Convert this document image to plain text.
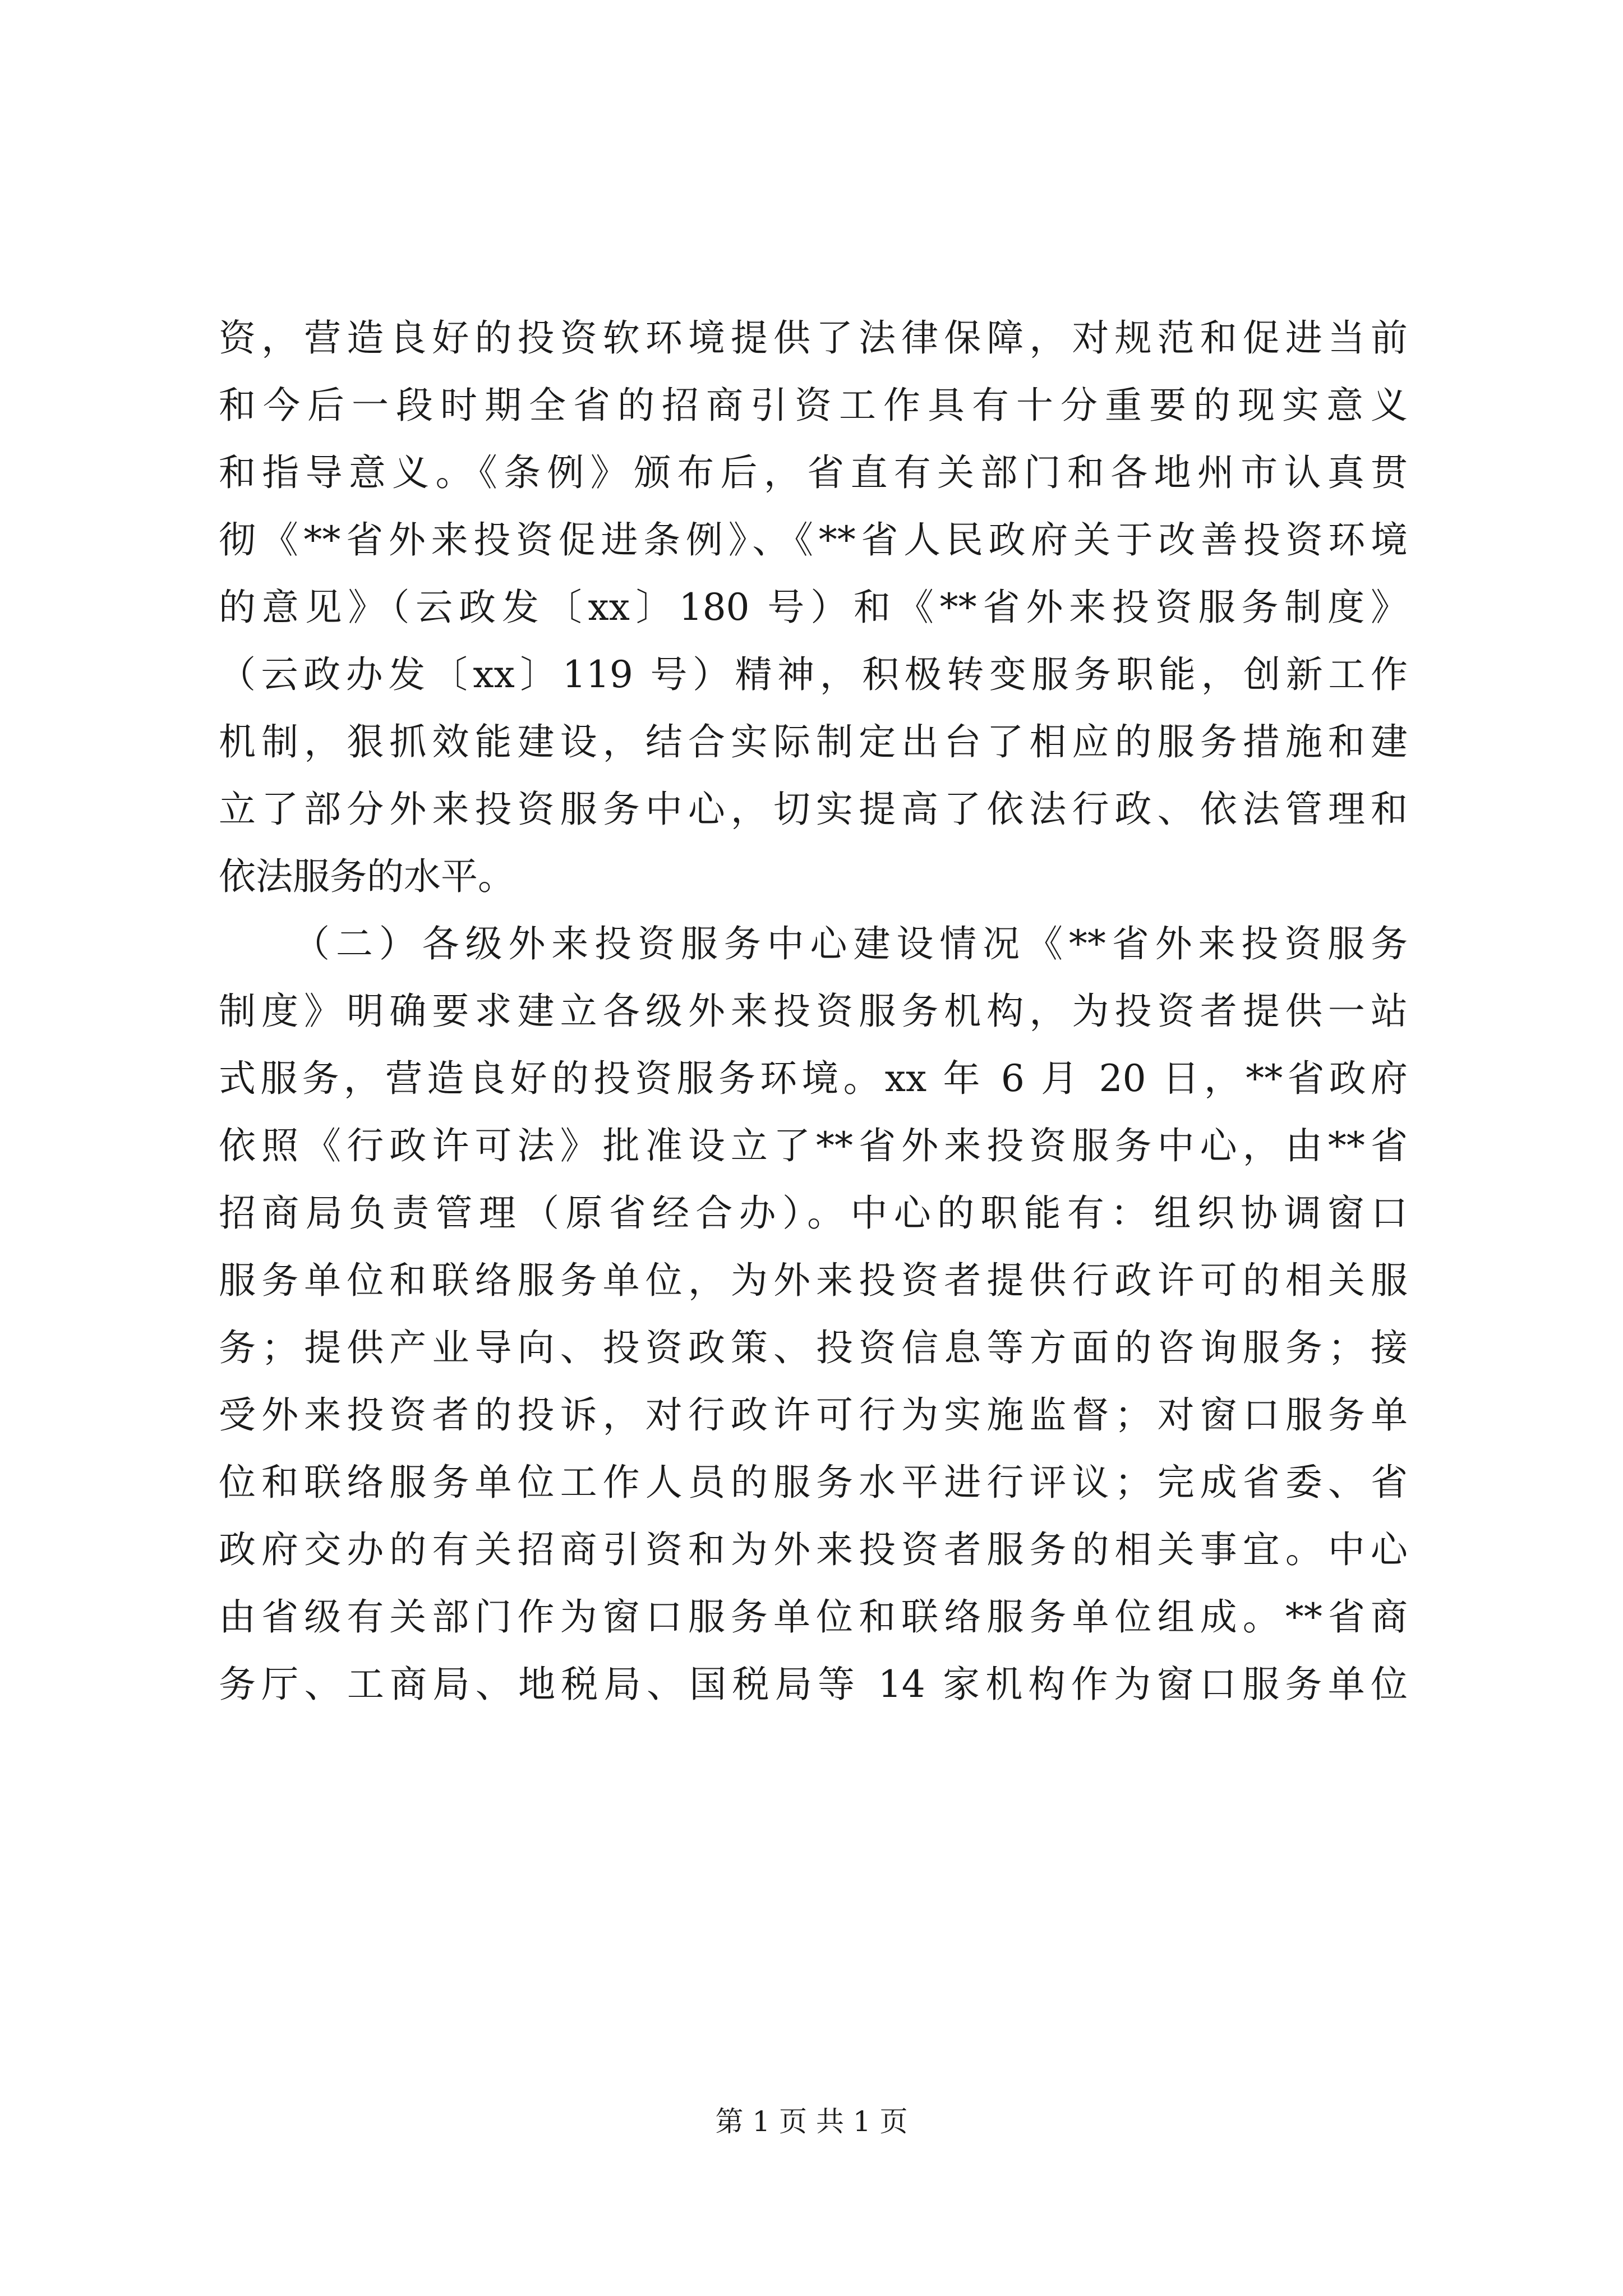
资，营造良好的投资软环境提供了法律保障，对规范和促进当前
和今后一段时期全省的招商引资工作具有十分重要的现实意义
和指导意义。《条例》颁布后，省直有关部门和各地州市认真贯
彻《**省外来投资促进条例》、《**省人民政府关于改善投资环境
的意见》（云政发〔xx〕180 号）和《**省外来投资服务制度》
（云政办发〔xx〕119 号）精神，积极转变服务职能，创新工作
机制，狠抓效能建设，结合实际制定出台了相应的服务措施和建
立了部分外来投资服务中心，切实提高了依法行政、依法管理和
依法服务的水平。
（二）各级外来投资服务中心建设情况《**省外来投资服务
制度》明确要求建立各级外来投资服务机构，为投资者提供一站
式服务，营造良好的投资服务环境。xx 年 6 月 20 日，**省政府
依照《行政许可法》批准设立了**省外来投资服务中心，由**省
招商局负责管理（原省经合办）。中心的职能有：组织协调窗口
服务单位和联络服务单位，为外来投资者提供行政许可的相关服
务；提供产业导向、投资政策、投资信息等方面的咨询服务；接
受外来投资者的投诉，对行政许可行为实施监督；对窗口服务单
位和联络服务单位工作人员的服务水平进行评议；完成省委、省
政府交办的有关招商引资和为外来投资者服务的相关事宜。中心
由省级有关部门作为窗口服务单位和联络服务单位组成。**省商
务厅、工商局、地税局、国税局等 14 家机构作为窗口服务单位
第 1 页 共 1 页
